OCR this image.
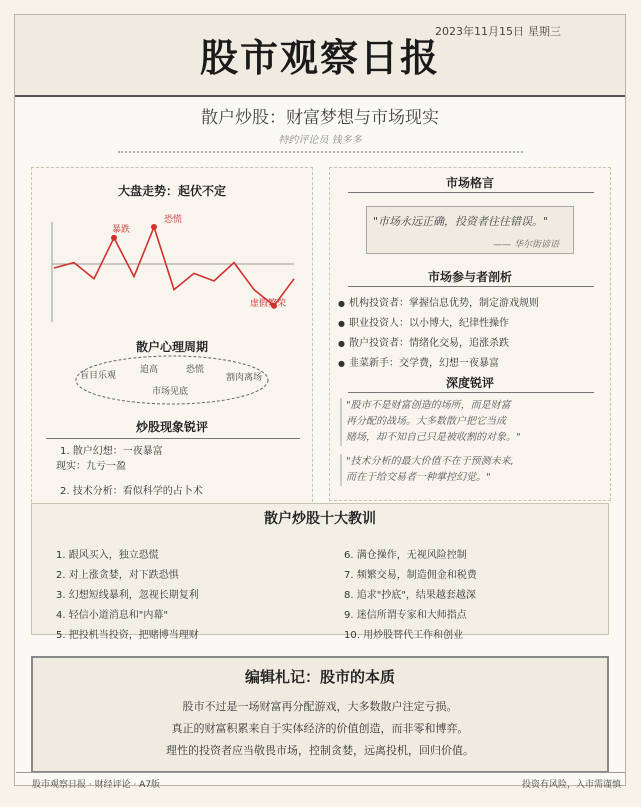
股市观察日报
2023年11月15日 星期三
散户炒股：财富梦想与市场现实
特约评论员 钱多多
大盘走势：起伏不定
暴跌
恐慌
虚假繁荣
散户心理周期
盲目乐观
追高	恐慌
割肉离场
市场见底
炒股现象锐评
1. 散户幻想：一夜暴富
现实：九亏一盈
2. 技术分析：看似科学的占卜术
市场格言
"市场永远正确，投资者往往错误。"
—— 华尔街谚语
市场参与者剖析
● 机构投资者：掌握信息优势，制定游戏规则
● 职业投资人：以小博大，纪律性操作
● 散户投资者：情绪化交易，追涨杀跌
● 韭菜新手：交学费，幻想一夜暴富
深度锐评
"股市不是财富创造的场所，而是财富
再分配的战场。大多数散户把它当成
赌场，却不知自己只是被收割的对象。"
"技术分析的最大价值不在于预测未来,
而在于给交易者一种掌控幻觉。"
散户炒股十大教训
1. 跟风买入，独立恐慌
2. 对上涨贪婪，对下跌恐惧
3. 幻想短线暴利，忽视长期复利
4. 轻信小道消息和"内幕"
5. 把投机当投资，把赌博当理财
6. 满仓操作，无视风险控制
7. 频繁交易，制造佣金和税费
8. 追求"抄底"，结果越套越深
9. 迷信所谓专家和大师指点
10. 用炒股替代工作和创业
编辑札记：股市的本质
股市不过是一场财富再分配游戏，大多数散户注定亏损。
真正的财富积累来自于实体经济的价值创造，而非零和博弈。
理性的投资者应当敬畏市场，控制贪婪，远离投机，回归价值。
股市观察日报 · 财经评论 · A7版	投资有风险，入市需谨慎
